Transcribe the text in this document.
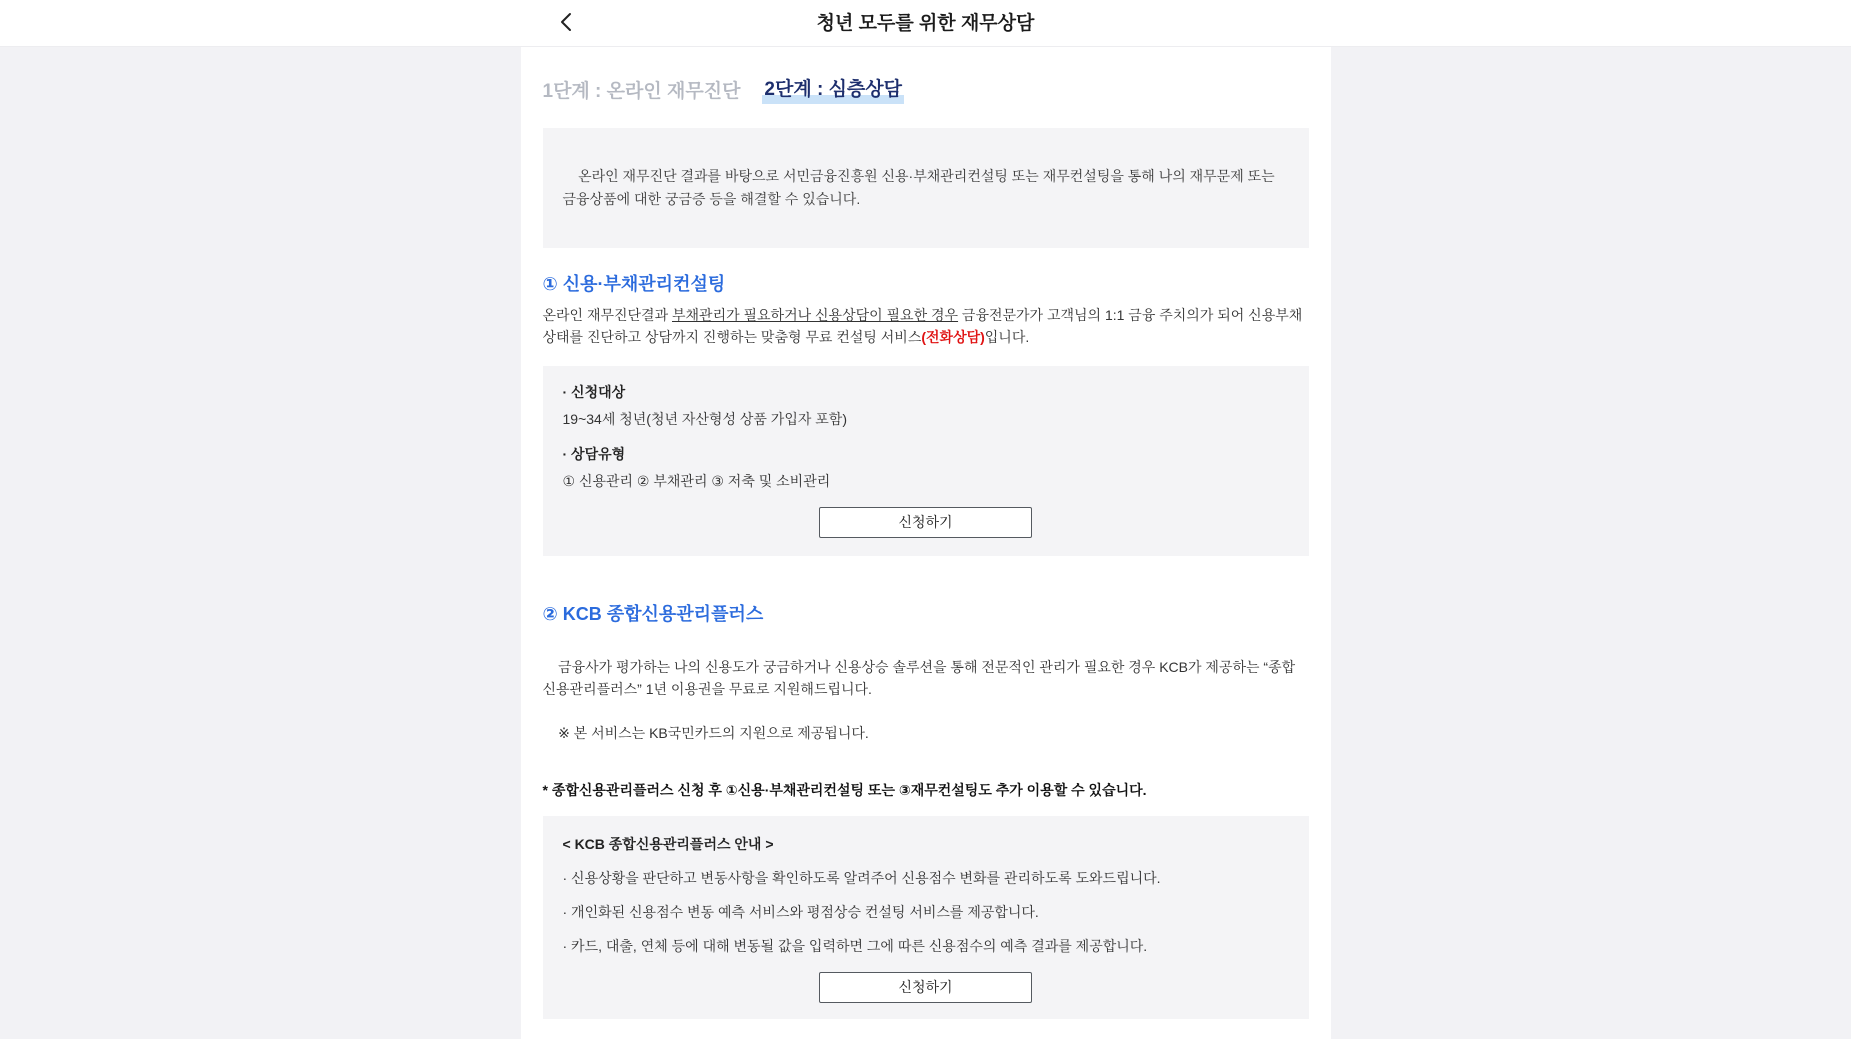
청년 모두를 위한 재무상담
1단계 : 온라인 재무진단 2단계 : 심층상담

온라인 재무진단 결과를 바탕으로 서민금융진흥원 신용·부채관리컨설팅 또는 재무컨설팅을 통해 나의 재무문제 또는 금융상품에 대한 궁금증 등을 해결할 수 있습니다.

① 신용·부채관리컨설팅
온라인 재무진단결과 부채관리가 필요하거나 신용상담이 필요한 경우 금융전문가가 고객님의 1:1 금융 주치의가 되어 신용부채 상태를 진단하고 상담까지 진행하는 맞춤형 무료 컨설팅 서비스(전화상담)입니다.
· 신청대상
19~34세 청년(청년 자산형성 상품 가입자 포함)
· 상담유형
① 신용관리 ② 부채관리 ③ 저축 및 소비관리
신청하기
② KCB 종합신용관리플러스

금융사가 평가하는 나의 신용도가 궁금하거나 신용상승 솔루션을 통해 전문적인 관리가 필요한 경우 KCB가 제공하는 “종합신용관리플러스” 1년 이용권을 무료로 지원해드립니다.

※ 본 서비스는 KB국민카드의 지원으로 제공됩니다.

* 종합신용관리플러스 신청 후 ①신용·부채관리컨설팅 또는 ③재무컨설팅도 추가 이용할 수 있습니다.
< KCB 종합신용관리플러스 안내 >
· 신용상황을 판단하고 변동사항을 확인하도록 알려주어 신용점수 변화를 관리하도록 도와드립니다.
· 개인화된 신용점수 변동 예측 서비스와 평점상승 컨설팅 서비스를 제공합니다.
· 카드, 대출, 연체 등에 대해 변동될 값을 입력하면 그에 따른 신용점수의 예측 결과를 제공합니다.
신청하기
